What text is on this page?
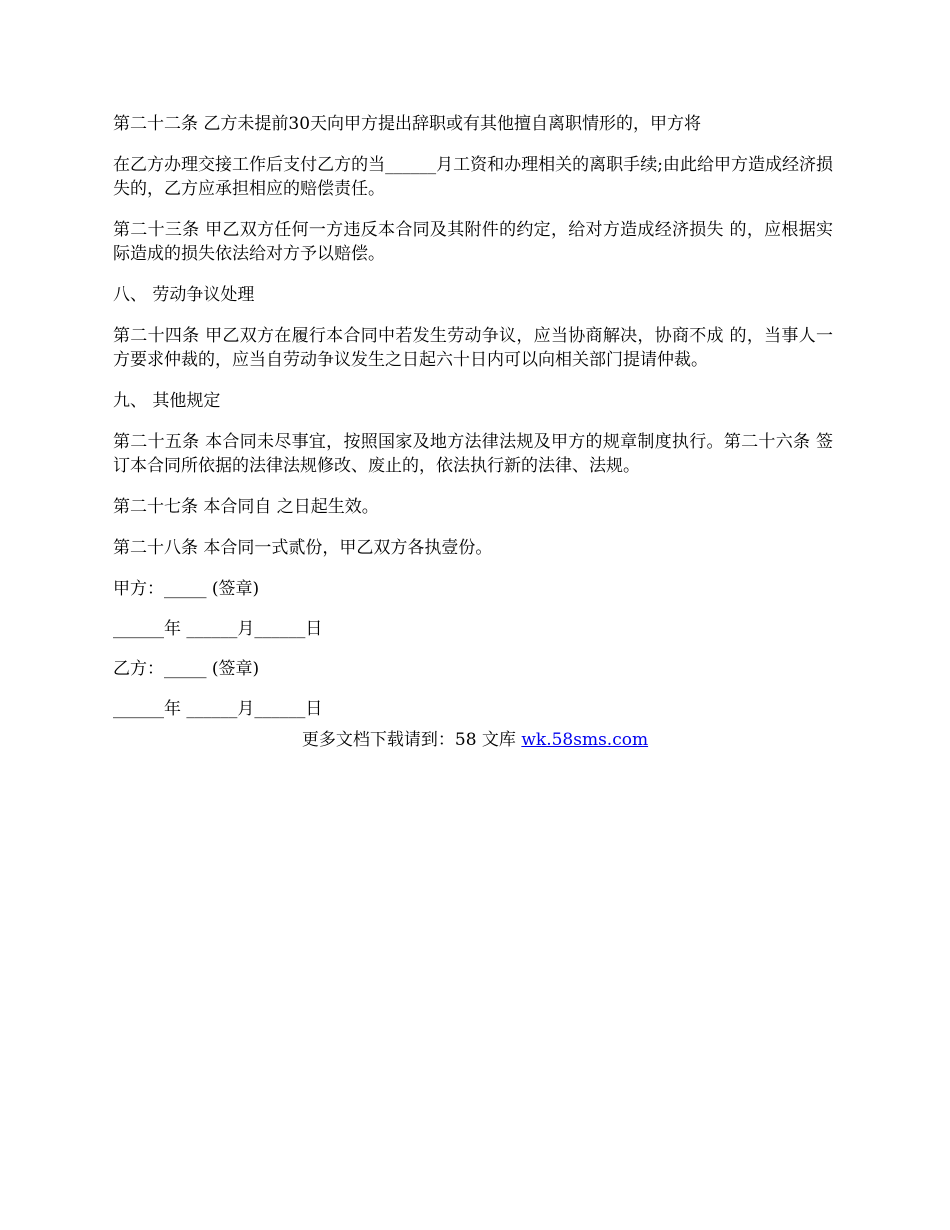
第二十二条 乙方未提前30天向甲方提出辞职或有其他擅自离职情形的，甲方将

在乙方办理交接工作后支付乙方的当______月工资和办理相关的离职手续;由此给甲方造成经济损失的，乙方应承担相应的赔偿责任。

第二十三条 甲乙双方任何一方违反本合同及其附件的约定，给对方造成经济损失 的，应根据实际造成的损失依法给对方予以赔偿。

八、 劳动争议处理

第二十四条 甲乙双方在履行本合同中若发生劳动争议，应当协商解决，协商不成 的，当事人一方要求仲裁的，应当自劳动争议发生之日起六十日内可以向相关部门提请仲裁。

九、 其他规定

第二十五条 本合同未尽事宜，按照国家及地方法律法规及甲方的规章制度执行。第二十六条 签订本合同所依据的法律法规修改、废止的，依法执行新的法律、法规。

第二十七条 本合同自 之日起生效。

第二十八条 本合同一式贰份，甲乙双方各执壹份。

甲方：_____ (签章)

______年 ______月______日

乙方：_____ (签章)

______年 ______月______日

更多文档下载请到：58 文库 wk.58sms.com
